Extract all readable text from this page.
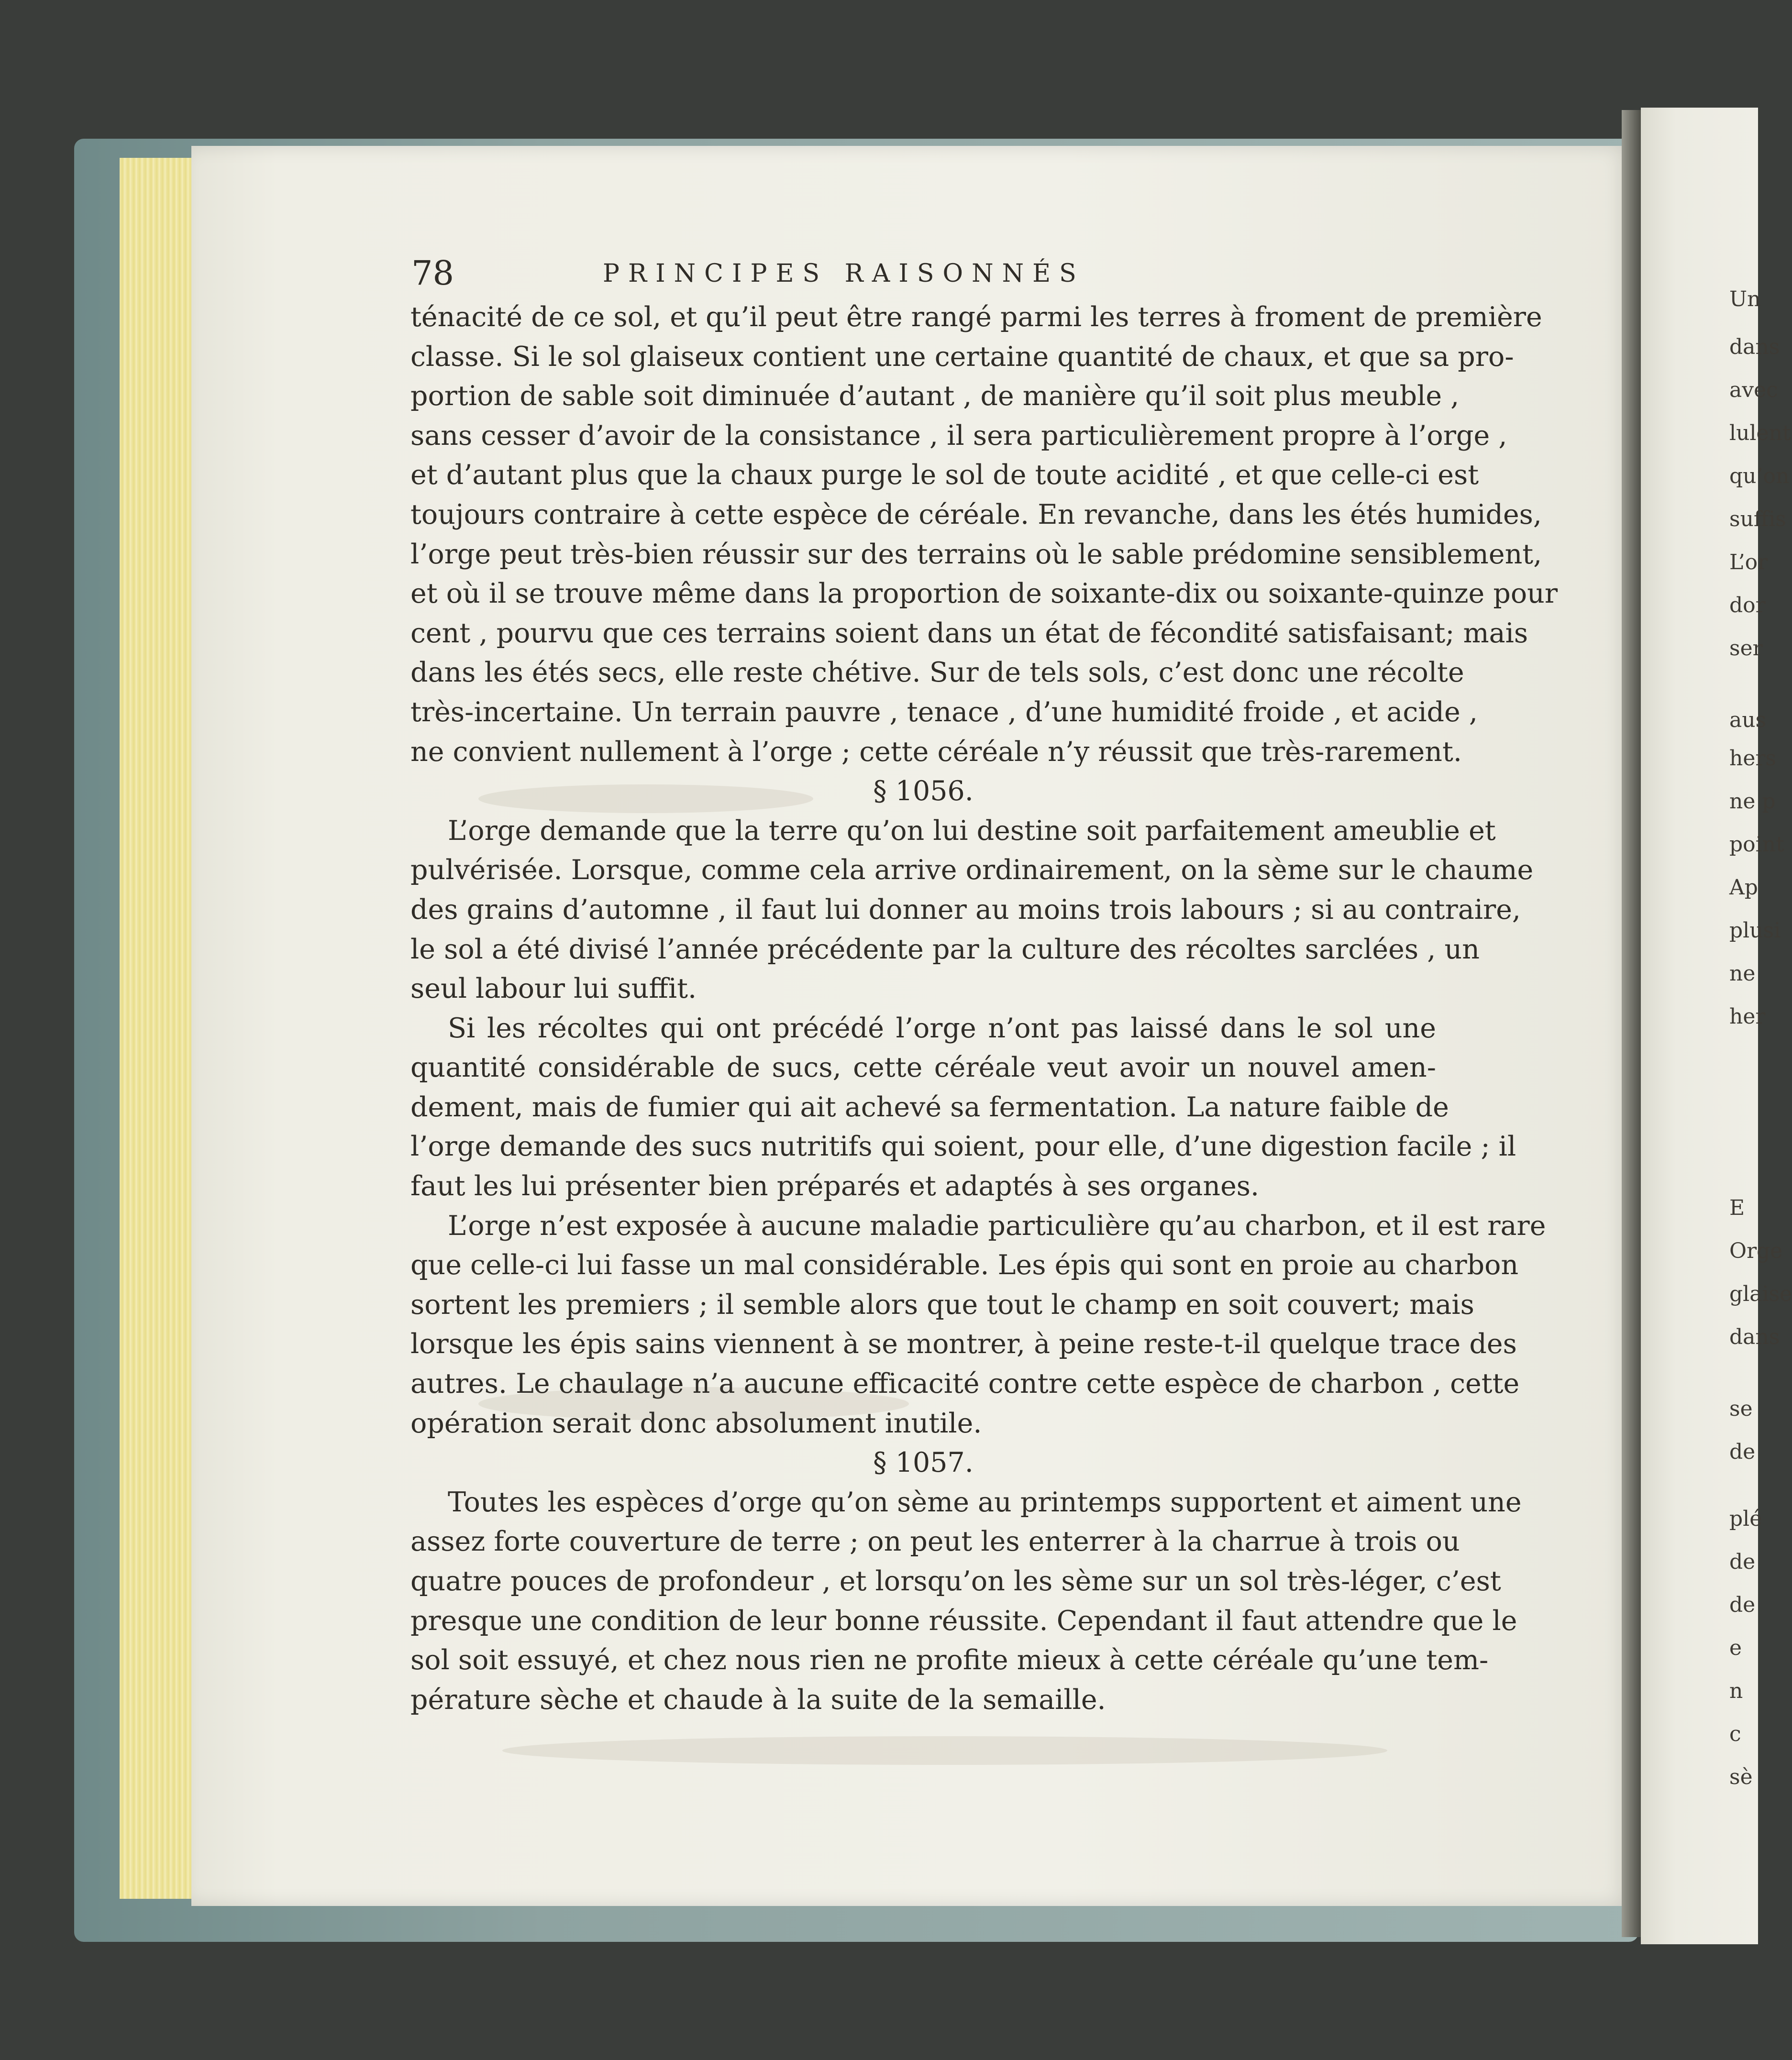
78	PRINCIPES RAISONNÉS
ténacité de ce sol, et qu’il peut être rangé parmi les terres à froment de première
classe. Si le sol glaiseux contient une certaine quantité de chaux, et que sa pro-
portion de sable soit diminuée d’autant , de manière qu’il soit plus meuble ,
sans cesser d’avoir de la consistance , il sera particulièrement propre à l’orge ,
et d’autant plus que la chaux purge le sol de toute acidité , et que celle-ci est
toujours contraire à cette espèce de céréale. En revanche, dans les étés humides,
l’orge peut très-bien réussir sur des terrains où le sable prédomine sensiblement,
et où il se trouve même dans la proportion de soixante-dix ou soixante-quinze pour
cent , pourvu que ces terrains soient dans un état de fécondité satisfaisant; mais
dans les étés secs, elle reste chétive. Sur de tels sols, c’est donc une récolte
très-incertaine. Un terrain pauvre , tenace , d’une humidité froide , et acide ,
ne convient nullement à l’orge ; cette céréale n’y réussit que très-rarement.
§ 1056.
L’orge demande que la terre qu’on lui destine soit parfaitement ameublie et
pulvérisée. Lorsque, comme cela arrive ordinairement, on la sème sur le chaume
des grains d’automne , il faut lui donner au moins trois labours ; si au contraire,
le sol a été divisé l’année précédente par la culture des récoltes sarclées , un
seul labour lui suffit.
Si les récoltes qui ont précédé l’orge n’ont pas laissé dans le sol une
quantité considérable de sucs, cette céréale veut avoir un nouvel amen-
dement, mais de fumier qui ait achevé sa fermentation. La nature faible de
l’orge demande des sucs nutritifs qui soient, pour elle, d’une digestion facile ; il
faut les lui présenter bien préparés et adaptés à ses organes.
L’orge n’est exposée à aucune maladie particulière qu’au charbon, et il est rare
que celle-ci lui fasse un mal considérable. Les épis qui sont en proie au charbon
sortent les premiers ; il semble alors que tout le champ en soit couvert; mais
lorsque les épis sains viennent à se montrer, à peine reste-t-il quelque trace des
autres. Le chaulage n’a aucune efficacité contre cette espèce de charbon , cette
opération serait donc absolument inutile.
§ 1057.
Toutes les espèces d’orge qu’on sème au printemps supportent et aiment une
assez forte couverture de terre ; on peut les enterrer à la charrue à trois ou
quatre pouces de profondeur , et lorsqu’on les sème sur un sol très-léger, c’est
presque une condition de leur bonne réussite. Cependant il faut attendre que le
sol soit essuyé, et chez nous rien ne profite mieux à cette céréale qu’une tem-
pérature sèche et chaude à la suite de la semaille.
Un
dans
avec
lulent
qu’on
suffis
L’or
dor
ser
aus
hers
ne p
point
Ap
plusi
ne
her
E
Orge
glaise
dans
se
de
plé
de
de
e
n
c
sè
